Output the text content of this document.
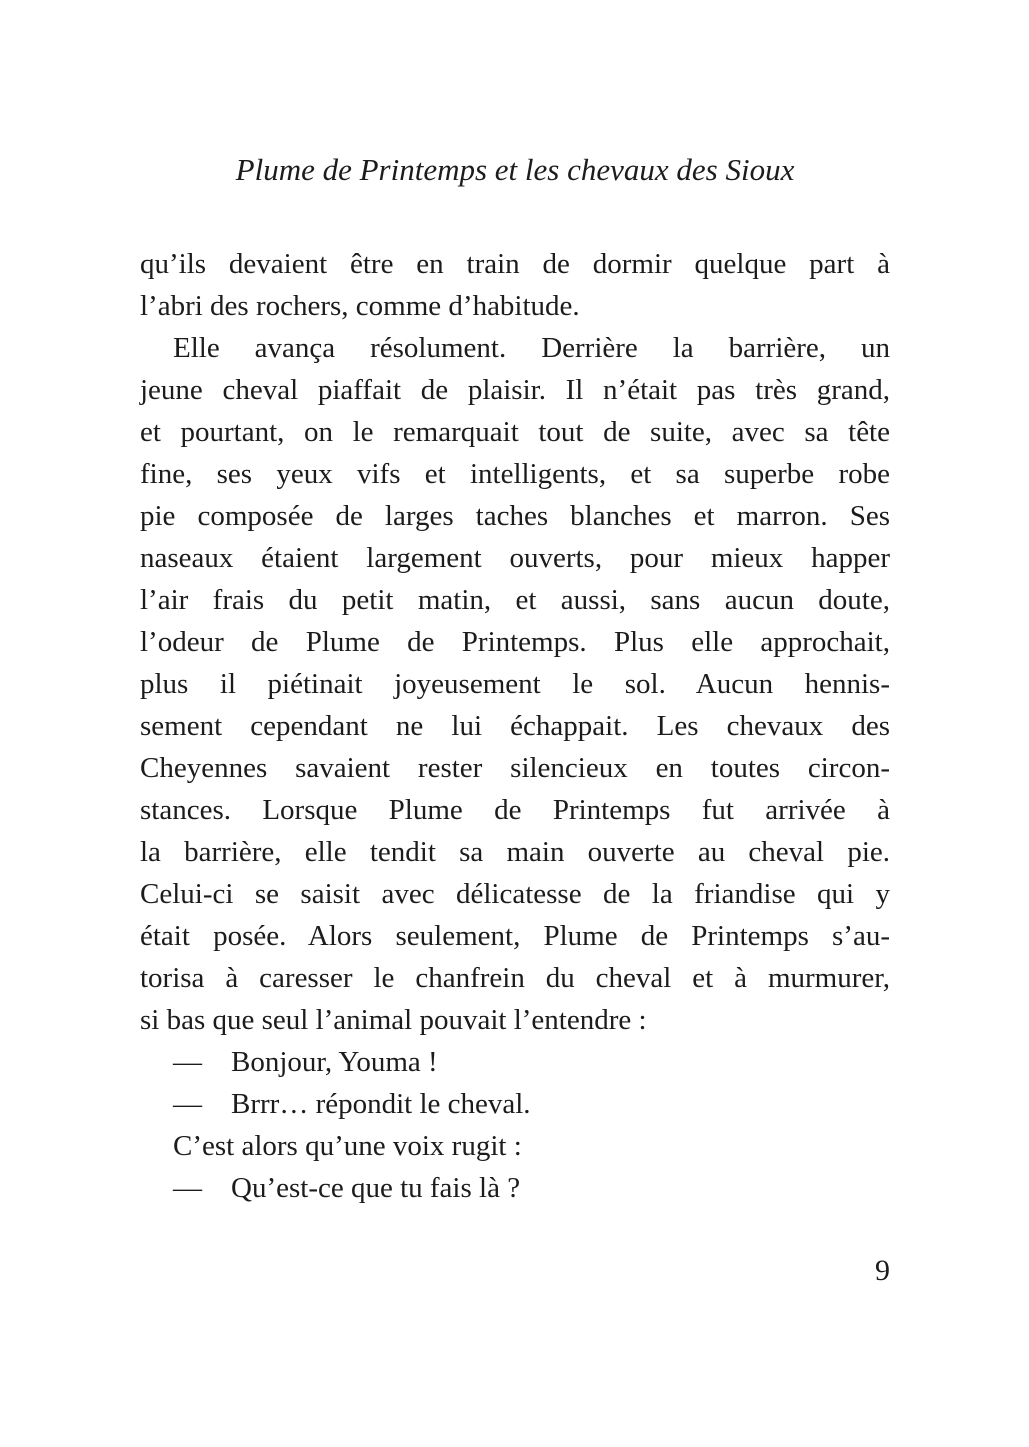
Plume de Printemps et les chevaux des Sioux
qu’ils devaient être en train de dormir quelque part à
l’abri des rochers, comme d’habitude.
Elle avança résolument. Derrière la barrière, un
jeune cheval piaffait de plaisir. Il n’était pas très grand,
et pourtant, on le remarquait tout de suite, avec sa tête
fine, ses yeux vifs et intelligents, et sa superbe robe
pie composée de larges taches blanches et marron. Ses
naseaux étaient largement ouverts, pour mieux happer
l’air frais du petit matin, et aussi, sans aucun doute,
l’odeur de Plume de Printemps. Plus elle approchait,
plus il piétinait joyeusement le sol. Aucun hennis-
sement cependant ne lui échappait. Les chevaux des
Cheyennes savaient rester silencieux en toutes circon-
stances. Lorsque Plume de Printemps fut arrivée à
la barrière, elle tendit sa main ouverte au cheval pie.
Celui-ci se saisit avec délicatesse de la friandise qui y
était posée. Alors seulement, Plume de Printemps s’au-
torisa à caresser le chanfrein du cheval et à murmurer,
si bas que seul l’animal pouvait l’entendre :
— Bonjour, Youma !
— Brrr… répondit le cheval.
C’est alors qu’une voix rugit :
— Qu’est-ce que tu fais là ?
9
